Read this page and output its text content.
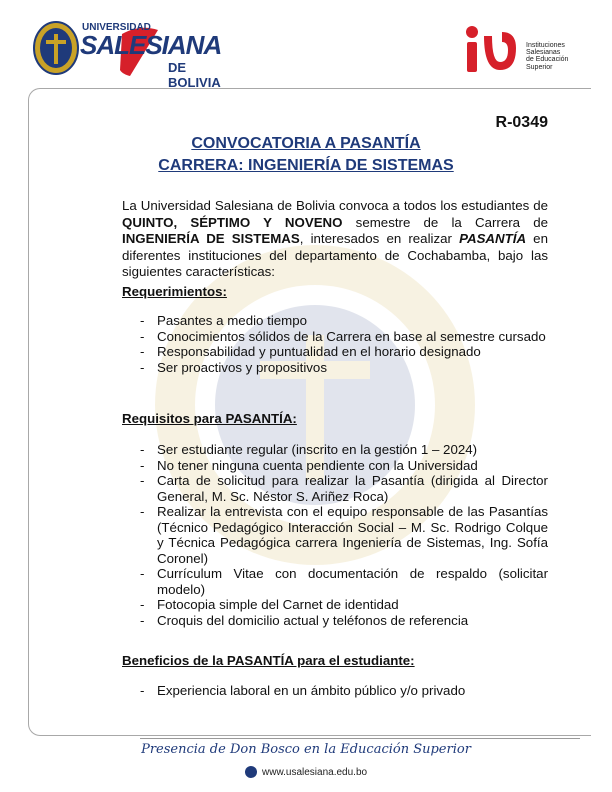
UNIVERSIDAD
SALESIANA
DE BOLIVIA
Instituciones
Salesianas
de Educación
Superior
R-0349
CONVOCATORIA A PASANTÍA
CARRERA: INGENIERÍA DE SISTEMAS
La Universidad Salesiana de Bolivia convoca a todos los estudiantes de QUINTO, SÉPTIMO Y NOVENO semestre de la Carrera de INGENIERÍA DE SISTEMAS, interesados en realizar PASANTÍA en diferentes instituciones del departamento de Cochabamba, bajo las siguientes características:
Requerimientos:
- Pasantes a medio tiempo
- Conocimientos sólidos de la Carrera en base al semestre cursado
- Responsabilidad y puntualidad en el horario designado
- Ser proactivos y propositivos
Requisitos para PASANTÍA:
- Ser estudiante regular (inscrito en la gestión 1 – 2024)
- No tener ninguna cuenta pendiente con la Universidad
- Carta de solicitud para realizar la Pasantía (dirigida al Director General, M. Sc. Néstor S. Ariñez Roca)
- Realizar la entrevista con el equipo responsable de las Pasantías (Técnico Pedagógico Interacción Social – M. Sc. Rodrigo Colque y Técnica Pedagógica carrera Ingeniería de Sistemas, Ing. Sofía Coronel)
- Currículum Vitae con documentación de respaldo (solicitar modelo)
- Fotocopia simple del Carnet de identidad
- Croquis del domicilio actual y teléfonos de referencia
Beneficios de la PASANTÍA para el estudiante:
- Experiencia laboral en un ámbito público y/o privado
Presencia de Don Bosco en la Educación Superior
www.usalesiana.edu.bo
